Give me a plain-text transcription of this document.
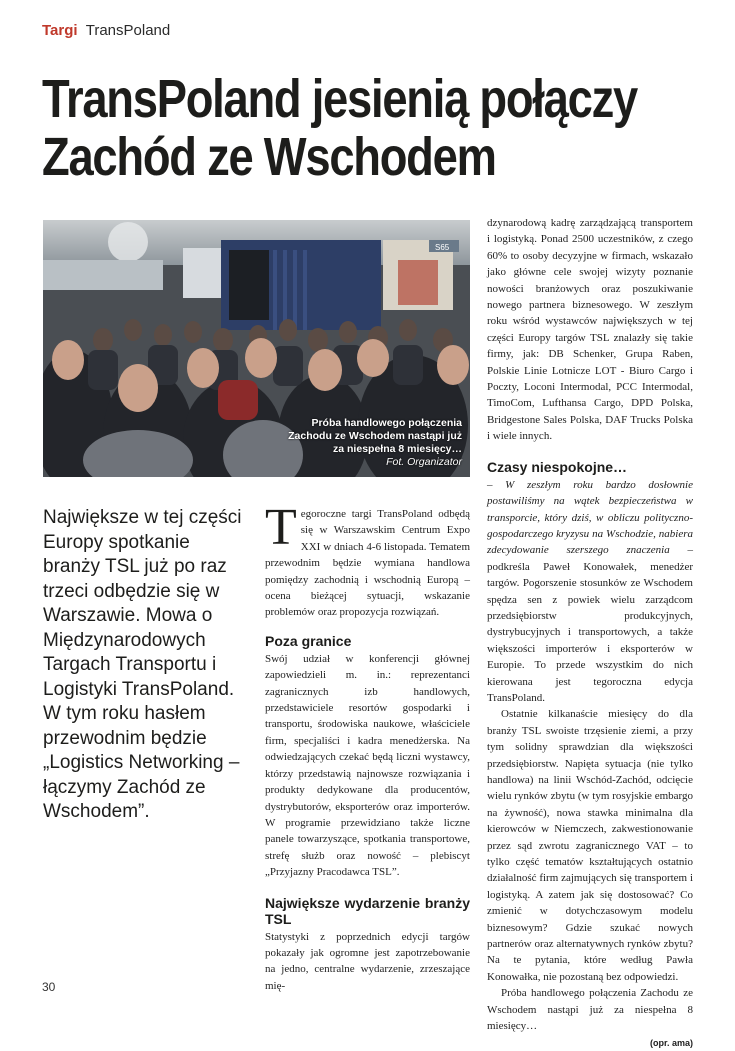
Targi TransPoland
TransPoland jesienią połączy
Zachód ze Wschodem
S65
Próba handlowego połączenia
Zachodu ze Wschodem nastąpi już
za niespełna 8 miesięcy…
Fot. Organizator
Największe w tej części Europy spotkanie branży TSL już po raz trzeci odbędzie się w Warszawie. Mowa o Międzynarodowych Targach Transportu i Logistyki TransPoland. W tym roku hasłem przewodnim będzie „Logistics Networking – łączymy Zachód ze Wschodem”.

Tegoroczne targi TransPoland odbędą się w Warszawskim Centrum Expo XXI w dniach 4-6 listopada. Tematem przewodnim będzie wymiana handlowa pomiędzy zachodnią i wschodnią Europą – ocena bieżącej sytuacji, wskazanie problemów oraz propozycja rozwiązań.

Poza granice

Swój udział w konferencji głównej zapowiedzieli m. in.: reprezentanci zagranicznych izb handlowych, przedstawiciele resortów gospodarki i transportu, środowiska naukowe, właściciele firm, specjaliści i kadra menedżerska. Na odwiedzających czekać będą liczni wystawcy, którzy przedstawią najnowsze rozwiązania i produkty dedykowane dla producentów, dystrybutorów, eksporterów oraz importerów. W programie przewidziano także liczne panele towarzyszące, spotkania transportowe, strefę służb oraz nowość – plebiscyt „Przyjazny Pracodawca TSL”.

Największe wydarzenie branży TSL

Statystyki z poprzednich edycji targów pokazały jak ogromne jest zapotrzebowanie na jedno, centralne wydarzenie, zrzeszające mię-

dzynarodową kadrę zarządzającą transportem i logistyką. Ponad 2500 uczestników, z czego 60% to osoby decyzyjne w firmach, wskazało jako główne cele swojej wizyty poznanie nowości branżowych oraz poszukiwanie nowego partnera biznesowego. W zeszłym roku wśród wystawców największych w tej części Europy targów TSL znalazły się takie firmy, jak: DB Schenker, Grupa Raben, Polskie Linie Lotnicze LOT - Biuro Cargo i Poczty, Loconi Intermodal, PCC Intermodal, TimoCom, Lufthansa Cargo, DPD Polska, Bridgestone Sales Polska, DAF Trucks Polska i wiele innych.

Czasy niespokojne…

– W zeszłym roku bardzo dosłownie postawiliśmy na wątek bezpieczeństwa w transporcie, który dziś, w obliczu polityczno-gospodarczego kryzysu na Wschodzie, nabiera zdecydowanie szerszego znaczenia – podkreśla Paweł Konowałek, menedżer targów. Pogorszenie stosunków ze Wschodem spędza sen z powiek wielu zarządcom przedsiębiorstw produkcyjnych, dystrybucyjnych i transportowych, a także większości importerów i eksporterów w Europie. To przede wszystkim do nich kierowana jest tegoroczna edycja TransPoland.

Ostatnie kilkanaście miesięcy do dla branży TSL swoiste trzęsienie ziemi, a przy tym solidny sprawdzian dla większości przedsiębiorstw. Napięta sytuacja (nie tylko handlowa) na linii Wschód-Zachód, odcięcie wielu rynków zbytu (w tym rosyjskie embargo na żywność), nowa stawka minimalna dla kierowców w Niemczech, zakwestionowanie przez sąd zwrotu zagranicznego VAT – to tylko część tematów kształtujących ostatnio działalność firm zajmujących się transportem i logistyką. A zatem jak się dostosować? Co zmienić w dotychczasowym modelu biznesowym? Gdzie szukać nowych partnerów oraz alternatywnych rynków zbytu? Na te pytania, które według Pawła Konowałka, nie pozostaną bez odpowiedzi.

Próba handlowego połączenia Zachodu ze Wschodem nastąpi już za niespełna 8 miesięcy…

(opr. ama)
30
